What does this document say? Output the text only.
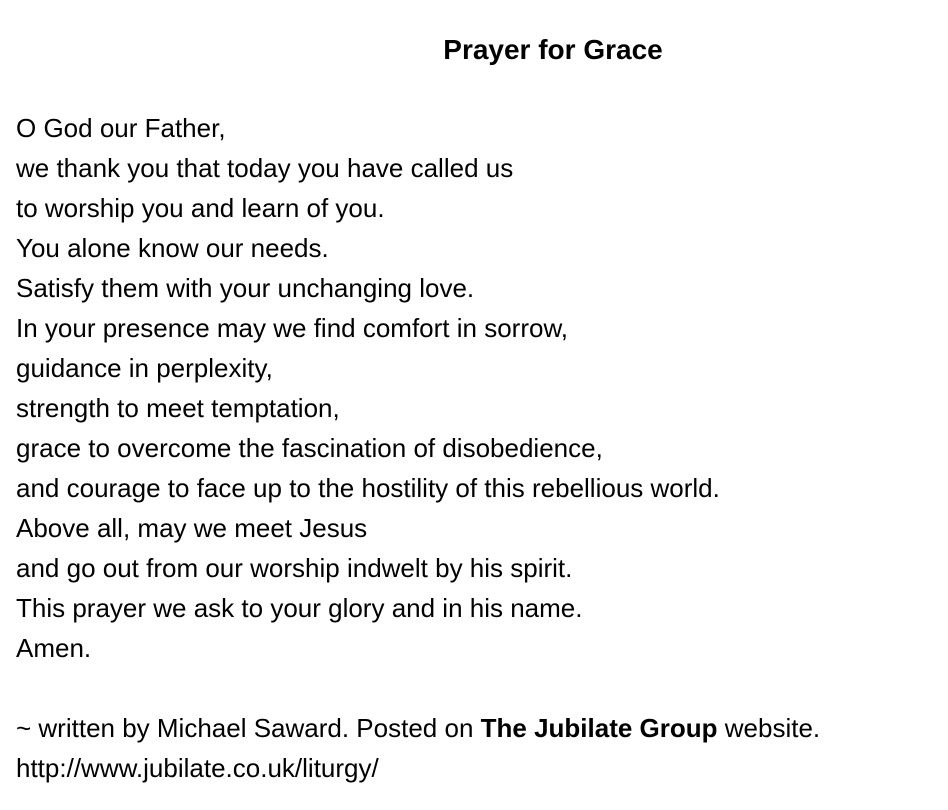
Prayer for Grace
O God our Father,
we thank you that today you have called us
to worship you and learn of you.
You alone know our needs.
Satisfy them with your unchanging love.
In your presence may we find comfort in sorrow,
guidance in perplexity,
strength to meet temptation,
grace to overcome the fascination of disobedience,
and courage to face up to the hostility of this rebellious world.
Above all, may we meet Jesus
and go out from our worship indwelt by his spirit.
This prayer we ask to your glory and in his name.
Amen.
~ written by Michael Saward. Posted on The Jubilate Group website.
http://www.jubilate.co.uk/liturgy/
